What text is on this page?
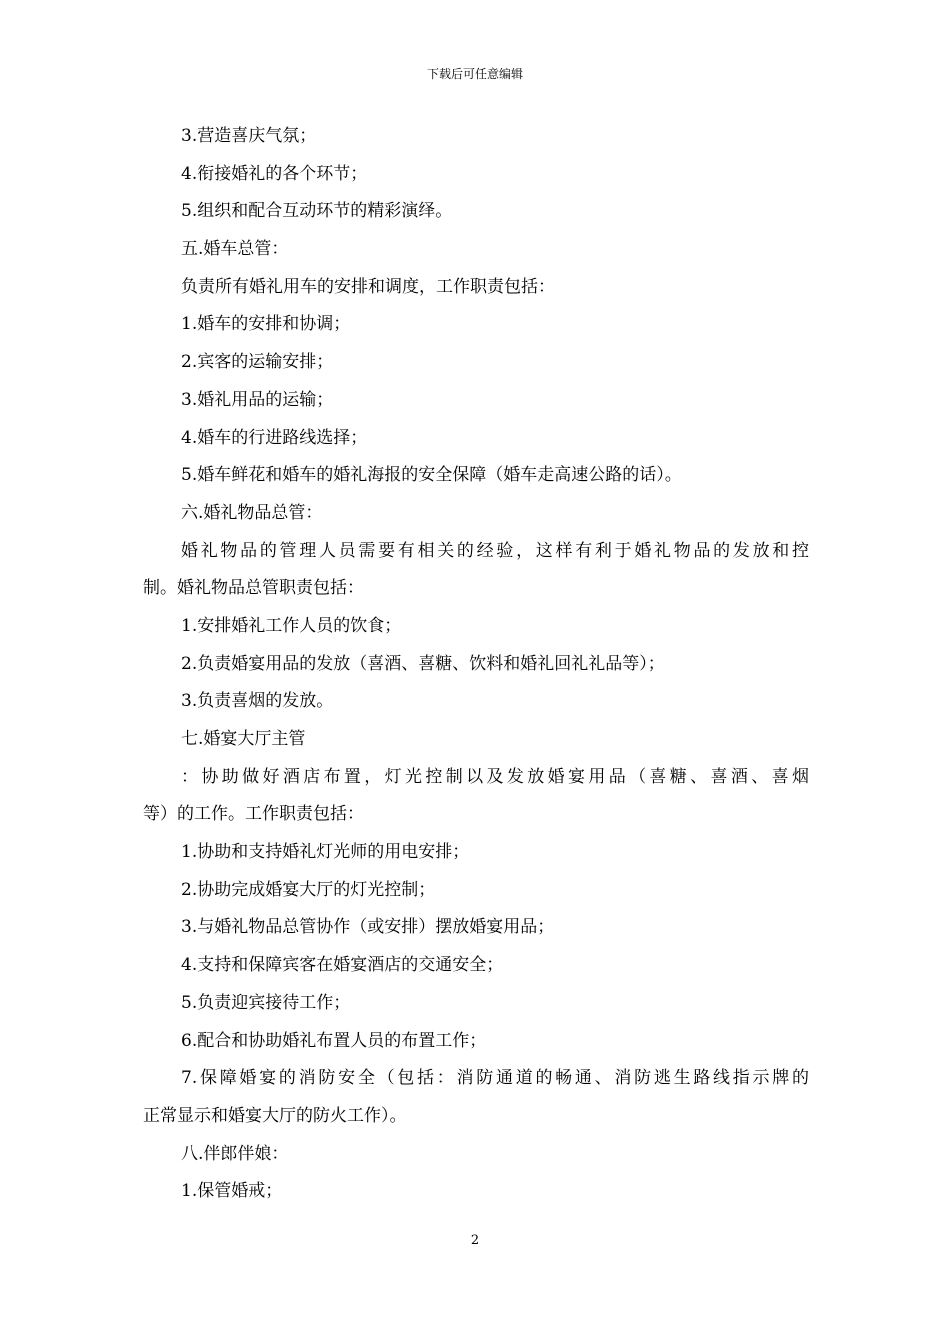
下载后可任意编辑
3.营造喜庆气氛；
4.衔接婚礼的各个环节；
5.组织和配合互动环节的精彩演绎。
五.婚车总管：
负责所有婚礼用车的安排和调度，工作职责包括：
1.婚车的安排和协调；
2.宾客的运输安排；
3.婚礼用品的运输；
4.婚车的行进路线选择；
5.婚车鲜花和婚车的婚礼海报的安全保障（婚车走高速公路的话）。
六.婚礼物品总管：
婚礼物品的管理人员需要有相关的经验，这样有利于婚礼物品的发放和控
制。婚礼物品总管职责包括：
1.安排婚礼工作人员的饮食；
2.负责婚宴用品的发放（喜酒、喜糖、饮料和婚礼回礼礼品等）；
3.负责喜烟的发放。
七.婚宴大厅主管
：协助做好酒店布置，灯光控制以及发放婚宴用品（喜糖、喜酒、喜烟
等）的工作。工作职责包括：
1.协助和支持婚礼灯光师的用电安排；
2.协助完成婚宴大厅的灯光控制；
3.与婚礼物品总管协作（或安排）摆放婚宴用品；
4.支持和保障宾客在婚宴酒店的交通安全；
5.负责迎宾接待工作；
6.配合和协助婚礼布置人员的布置工作；
7.保障婚宴的消防安全（包括：消防通道的畅通、消防逃生路线指示牌的
正常显示和婚宴大厅的防火工作）。
八.伴郎伴娘：
1.保管婚戒；
2
